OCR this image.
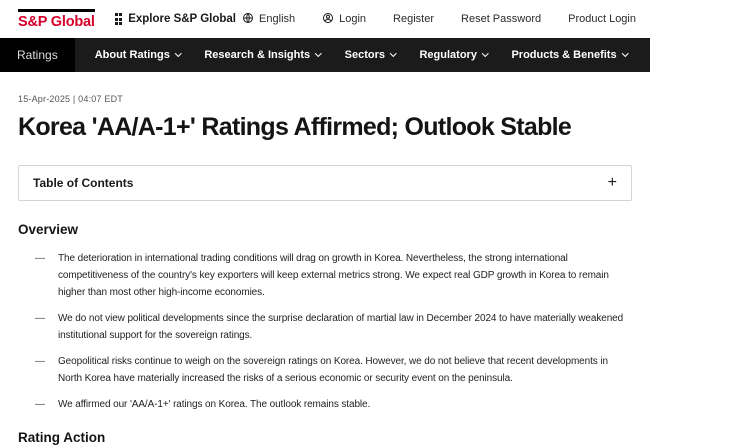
S&P Global	Explore S&P Global English	Login Register Reset Password Product Login
Ratings	About Ratings	Research & Insights	Sectors	Regulatory	Products & Benefits	Events
15-Apr-2025 | 04:07 EDT
Korea 'AA/A-1+' Ratings Affirmed; Outlook Stable
Table of Contents	+
Overview
—	The deterioration in international trading conditions will drag on growth in Korea. Nevertheless, the strong international competitiveness of the country's key exporters will keep external metrics strong. We expect real GDP growth in Korea to remain higher than most other high-income economies.
—	We do not view political developments since the surprise declaration of martial law in December 2024 to have materially weakened institutional support for the sovereign ratings.
—	Geopolitical risks continue to weigh on the sovereign ratings on Korea. However, we do not believe that recent developments in North Korea have materially increased the risks of a serious economic or security event on the peninsula.
—	We affirmed our 'AA/A-1+' ratings on Korea. The outlook remains stable.
Rating Action
